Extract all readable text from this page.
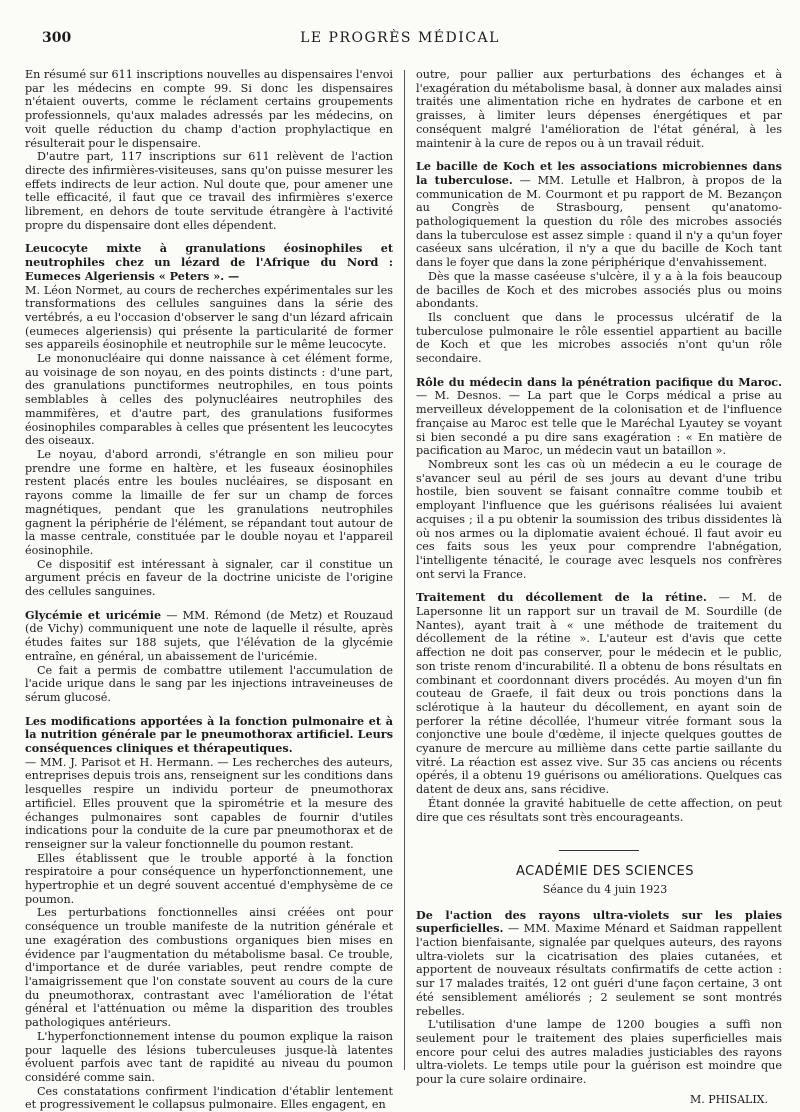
300	LE PROGRÈS MÉDICAL

En résumé sur 611 inscriptions nouvelles au dispensaires l'envoi par les médecins en compte 99. Si donc les dispensaires n'étaient ouverts, comme le réclament certains groupements professionnels, qu'aux malades adressés par les médecins, on voit quelle réduction du champ d'action prophylactique en résulterait pour le dispensaire.

D'autre part, 117 inscriptions sur 611 relèvent de l'action directe des infirmières-visiteuses, sans qu'on puisse mesurer les effets indirects de leur action. Nul doute que, pour amener une telle efficacité, il faut que ce travail des infirmières s'exerce librement, en dehors de toute servitude étrangère à l'activité propre du dispensaire dont elles dépendent.

Leucocyte mixte à granulations éosinophiles et neutrophiles chez un lézard de l'Afrique du Nord : Eumeces Algeriensis « Peters ». —

M. Léon Normet, au cours de recherches expérimentales sur les transformations des cellules sanguines dans la série des vertébrés, a eu l'occasion d'observer le sang d'un lézard africain (eumeces algeriensis) qui présente la particularité de former ses appareils éosinophile et neutrophile sur le même leucocyte.

Le mononucléaire qui donne naissance à cet élément forme, au voisinage de son noyau, en des points distincts : d'une part, des granulations punctiformes neutrophiles, en tous points semblables à celles des polynucléaires neutrophiles des mammifères, et d'autre part, des granulations fusiformes éosinophiles comparables à celles que présentent les leucocytes des oiseaux.

Le noyau, d'abord arrondi, s'étrangle en son milieu pour prendre une forme en haltère, et les fuseaux éosinophiles restent placés entre les boules nucléaires, se disposant en rayons comme la limaille de fer sur un champ de forces magnétiques, pendant que les granulations neutrophiles gagnent la périphérie de l'élément, se répandant tout autour de la masse centrale, constituée par le double noyau et l'appareil éosinophile.

Ce dispositif est intéressant à signaler, car il constitue un argument précis en faveur de la doctrine uniciste de l'origine des cellules sanguines.

Glycémie et uricémie — MM. Rémond (de Metz) et Rouzaud (de Vichy) communiquent une note de laquelle il résulte, après études faites sur 188 sujets, que l'élévation de la glycémie entraîne, en général, un abaissement de l'uricémie.

Ce fait a permis de combattre utilement l'accumulation de l'acide urique dans le sang par les injections intraveineuses de sérum glucosé.

Les modifications apportées à la fonction pulmonaire et à la nutrition générale par le pneumothorax artificiel. Leurs conséquences cliniques et thérapeutiques.

— MM. J. Parisot et H. Hermann. — Les recherches des auteurs, entreprises depuis trois ans, renseignent sur les conditions dans lesquelles respire un individu porteur de pneumothorax artificiel. Elles prouvent que la spirométrie et la mesure des échanges pulmonaires sont capables de fournir d'utiles indications pour la conduite de la cure par pneumothorax et de renseigner sur la valeur fonctionnelle du poumon restant.

Elles établissent que le trouble apporté à la fonction respiratoire a pour conséquence un hyperfonctionnement, une hypertrophie et un degré souvent accentué d'emphysème de ce poumon.

Les perturbations fonctionnelles ainsi créées ont pour conséquence un trouble manifeste de la nutrition générale et une exagération des combustions organiques bien mises en évidence par l'augmentation du métabolisme basal. Ce trouble, d'importance et de durée variables, peut rendre compte de l'amaigrissement que l'on constate souvent au cours de la cure du pneumothorax, contrastant avec l'amélioration de l'état général et l'atténuation ou même la disparition des troubles pathologiques antérieurs.

L'hyperfonctionnement intense du poumon explique la raison pour laquelle des lésions tuberculeuses jusque-là latentes évoluent parfois avec tant de rapidité au niveau du poumon considéré comme sain.

Ces constatations confirment l'indication d'établir lentement et progressivement le collapsus pulmonaire. Elles engagent, en

outre, pour pallier aux perturbations des échanges et à l'exagération du métabolisme basal, à donner aux malades ainsi traités une alimentation riche en hydrates de carbone et en graisses, à limiter leurs dépenses énergétiques et par conséquent malgré l'amélioration de l'état général, à les maintenir à la cure de repos ou à un travail réduit.

Le bacille de Koch et les associations microbiennes dans la tuberculose. — MM. Letulle et Halbron, à propos de la communication de M. Courmont et pu rapport de M. Bezançon au Congrès de Strasbourg, pensent qu'anatomo-pathologiquement la question du rôle des microbes associés dans la tuberculose est assez simple : quand il n'y a qu'un foyer caséeux sans ulcération, il n'y a que du bacille de Koch tant dans le foyer que dans la zone périphérique d'envahissement.

Dès que la masse caséeuse s'ulcère, il y a à la fois beaucoup de bacilles de Koch et des microbes associés plus ou moins abondants.

Ils concluent que dans le processus ulcératif de la tuberculose pulmonaire le rôle essentiel appartient au bacille de Koch et que les microbes associés n'ont qu'un rôle secondaire.

Rôle du médecin dans la pénétration pacifique du Maroc. — M. Desnos. — La part que le Corps médical a prise au merveilleux développement de la colonisation et de l'influence française au Maroc est telle que le Maréchal Lyautey se voyant si bien secondé a pu dire sans exagération : « En matière de pacification au Maroc, un médecin vaut un bataillon ».

Nombreux sont les cas où un médecin a eu le courage de s'avancer seul au péril de ses jours au devant d'une tribu hostile, bien souvent se faisant connaître comme toubib et employant l'influence que les guérisons réalisées lui avaient acquises ; il a pu obtenir la soumission des tribus dissidentes là où nos armes ou la diplomatie avaient échoué. Il faut avoir eu ces faits sous les yeux pour comprendre l'abnégation, l'intelligente ténacité, le courage avec lesquels nos confrères ont servi la France.

Traitement du décollement de la rétine. — M. de Lapersonne lit un rapport sur un travail de M. Sourdille (de Nantes), ayant trait à « une méthode de traitement du décollement de la rétine ». L'auteur est d'avis que cette affection ne doit pas conserver, pour le médecin et le public, son triste renom d'incurabilité. Il a obtenu de bons résultats en combinant et coordonnant divers procédés. Au moyen d'un fin couteau de Graefe, il fait deux ou trois ponctions dans la sclérotique à la hauteur du décollement, en ayant soin de perforer la rétine décollée, l'humeur vitrée formant sous la conjonctive une boule d'œdème, il injecte quelques gouttes de cyanure de mercure au millième dans cette partie saillante du vitré. La réaction est assez vive. Sur 35 cas anciens ou récents opérés, il a obtenu 19 guérisons ou améliorations. Quelques cas datent de deux ans, sans récidive.

Étant donnée la gravité habituelle de cette affection, on peut dire que ces résultats sont très encourageants.

ACADÉMIE DES SCIENCES

Séance du 4 juin 1923

De l'action des rayons ultra-violets sur les plaies superficielles. — MM. Maxime Ménard et Saidman rappellent l'action bienfaisante, signalée par quelques auteurs, des rayons ultra-violets sur la cicatrisation des plaies cutanées, et apportent de nouveaux résultats confirmatifs de cette action : sur 17 malades traités, 12 ont guéri d'une façon certaine, 3 ont été sensiblement améliorés ; 2 seulement se sont montrés rebelles.

L'utilisation d'une lampe de 1200 bougies a suffi non seulement pour le traitement des plaies superficielles mais encore pour celui des autres maladies justiciables des rayons ultra-violets. Le temps utile pour la guérison est moindre que pour la cure solaire ordinaire.

M. PHISALIX.
